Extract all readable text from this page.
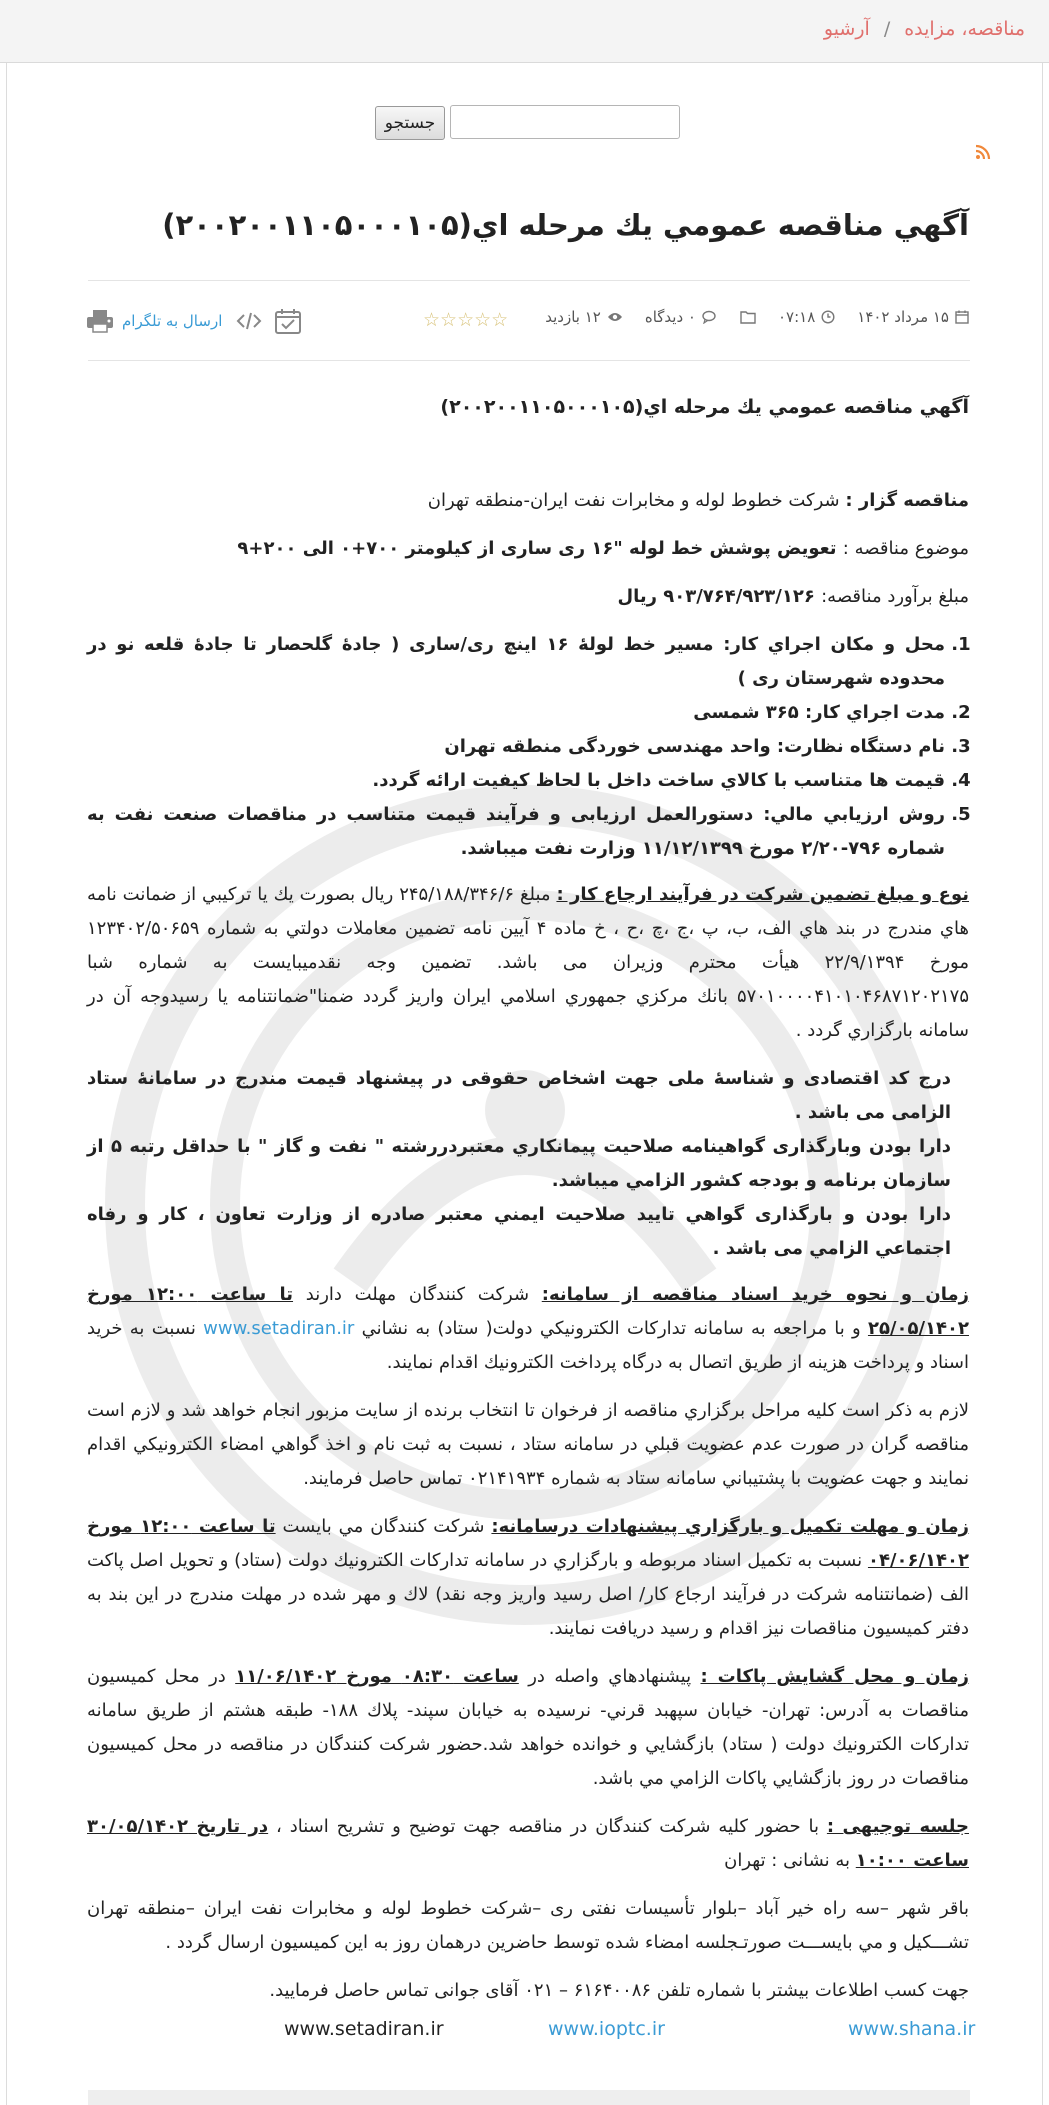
مناقصه، مزایده/آرشیو
جستجو
آگهي مناقصه عمومي يك مرحله اي(۲۰۰۲۰۰۱۱۰۵۰۰۰۱۰۵)
۱۵ مرداد ۱۴۰۲
۰۷:۱۸
۰ دیدگاه
۱۲ بازدید
☆☆☆☆☆
ارسال به تلگرام

آگهي مناقصه عمومي يك مرحله اي(۲۰۰۲۰۰۱۱۰۵۰۰۰۱۰۵)

مناقصه گزار : شرکت خطوط لوله و مخابرات نفت ايران-منطقه تهران

موضوع مناقصه : تعويض پوشش خط لوله "۱۶ ری ساری از كيلومتر ۷۰۰+۰ الی ۲۰۰+۹

مبلغ برآورد مناقصه: ۹۰۳/۷۶۴/۹۲۳/۱۲۶ ريال

1. محل و مكان اجراي كار: مسير خط لولۀ ۱۶ اينچ ری/ساری ( جادۀ گلحصار تا جادۀ قلعه نو در محدوده شهرستان ری )
2. مدت اجراي كار: ۳۶۵ شمسی
3. نام دستگاه نظارت: واحد مهندسی خوردگی منطقه تهران
4. قيمت ها متناسب با كالاي ساخت داخل با لحاظ كيفيت ارائه گردد.
5. روش ارزيابي مالي: دستورالعمل ارزيابی و فرآيند قيمت متناسب در مناقصات صنعت نفت به شماره ۷۹۶-۲/۲۰ مورخ ۱۱/۱۲/۱۳۹۹ وزارت نفت ميباشد.

نوع و مبلغ تضمين شرکت در فرآيند ارجاع کار : مبلغ ۲۴۵/۱۸۸/۳۴۶/۶ ريال بصورت يك يا تركيبي از ضمانت نامه هاي مندرج در بند هاي الف، ب، پ ،ج ،چ ،ح ، خ ماده ۴ آيين نامه تضمين معاملات دولتي به شماره ۱۲۳۴۰۲/۵۰۶۵۹ مورخ ۲۲/۹/۱۳۹۴ هيأت محترم وزيران می باشد. تضمين وجه نقدميبايست به شماره شبا ۵۷۰۱۰۰۰۰۴۱۰۱۰۴۶۸۷۱۲۰۲۱۷۵ بانك مركزي جمهوري اسلامي ايران واريز گردد ضمنا"ضمانتنامه يا رسيدوجه آن در سامانه بارگزاري گردد .

درج کد اقتصادی و شناسۀ ملی جهت اشخاص حقوقی در پيشنهاد قيمت مندرج در سامانۀ ستاد الزامی می باشد .
دارا بودن وبارگذاری گواهينامه صلاحيت پيمانكاري معتبردررشته " نفت و گاز " با حداقل رتبه ۵ از سازمان برنامه و بودجه كشور الزامي ميباشد.
دارا بودن و بارگذاری گواهي تاييد صلاحيت ايمني معتبر صادره از وزارت تعاون ، كار و رفاه اجتماعي الزامي می باشد .

زمان و نحوه خريد اسناد مناقصه از سامانه: شرکت کنندگان مهلت دارند تا ساعت ۱۲:۰۰ مورخ ۲۵/۰۵/۱۴۰۲ و با مراجعه به سامانه تداركات الكترونيكي دولت( ستاد) به نشاني www.setadiran.ir نسبت به خريد اسناد و پرداخت هزينه از طريق اتصال به درگاه پرداخت الكترونيك اقدام نمايند.

لازم به ذكر است كليه مراحل برگزاري مناقصه از فرخوان تا انتخاب برنده از سايت مزبور انجام خواهد شد و لازم است مناقصه گران در صورت عدم عضويت قبلي در سامانه ستاد ، نسبت به ثبت نام و اخذ گواهي امضاء الكترونيكي اقدام نمايند و جهت عضويت با پشتيباني سامانه ستاد به شماره ۰۲۱۴۱۹۳۴ تماس حاصل فرمايند.

زمان و مهلت تكميل و بارگزاري پيشنهادات درسامانه: شركت كنندگان مي بايست تا ساعت ۱۲:۰۰ مورخ ۰۴/۰۶/۱۴۰۲ نسبت به تكميل اسناد مربوطه و بارگزاري در سامانه تدارکات الکترونيك دولت (ستاد) و تحويل اصل پاكت الف (ضمانتنامه شركت در فرآيند ارجاع كار/ اصل رسيد واريز وجه نقد) لاك و مهر شده در مهلت مندرج در اين بند به دفتر كميسيون مناقصات نيز اقدام و رسيد دريافت نمايند.

زمان و محل گشايش پاكات : پيشنهادهاي واصله در ساعت ۰۸:۳۰ مورخ ۱۱/۰۶/۱۴۰۲ در محل كميسيون مناقصات به آدرس: تهران- خيابان سپهبد قرني- نرسيده به خيابان سپند- پلاك ۱۸۸- طبقه هشتم از طريق سامانه تداركات الكترونيك دولت ( ستاد) بازگشايي و خوانده خواهد شد.حضور شركت كنندگان در مناقصه در محل كميسيون مناقصات در روز بازگشايي پاكات الزامي مي باشد.

جلسه توجیهی : با حضور کلیه شرکت کنندگان در مناقصه جهت توضیح و تشریح اسناد ، در تاریخ ۳۰/۰۵/۱۴۰۲ ساعت ۱۰:۰۰ به نشانی : تهران

باقر شهر –سه راه خير آباد –بلوار تأسيسات نفتی ری –شرکت خطوط لوله و مخابرات نفت ايران –منطقه تهران تشـــكيل و مي بايســـت صورتـجلسه امضاء شده توسط حاضرين درهمان روز به اين كميسيون ارسال گردد .

جهت کسب اطلاعات بیشتر با شماره تلفن ۶۱۶۴۰۰۸۶ – ۰۲۱ آقای جوانی تماس حاصل فرمایید.

www.setadiran.ir	www.ioptc.ir	www.shana.ir
